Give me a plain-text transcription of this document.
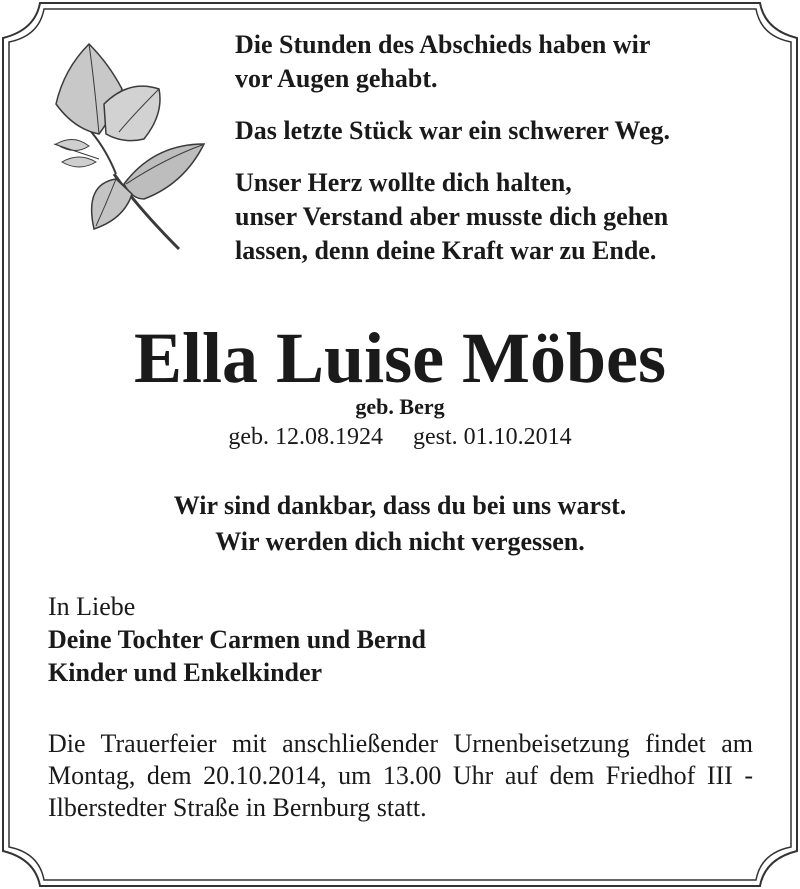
Die Stunden des Abschieds haben wir
vor Augen gehabt.

Das letzte Stück war ein schwerer Weg.

Unser Herz wollte dich halten,
unser Verstand aber musste dich gehen
lassen, denn deine Kraft war zu Ende.

Ella Luise Möbes
geb. Berg
geb. 12.08.1924 gest. 01.10.2014
Wir sind dankbar, dass du bei uns warst.
Wir werden dich nicht vergessen.
In Liebe
Deine Tochter Carmen und Bernd
Kinder und Enkelkinder
Die Trauerfeier mit anschließender Urnenbeisetzung findet am Montag, dem 20.10.2014, um 13.00 Uhr auf dem Friedhof III - Ilberstedter Straße in Bernburg statt.
